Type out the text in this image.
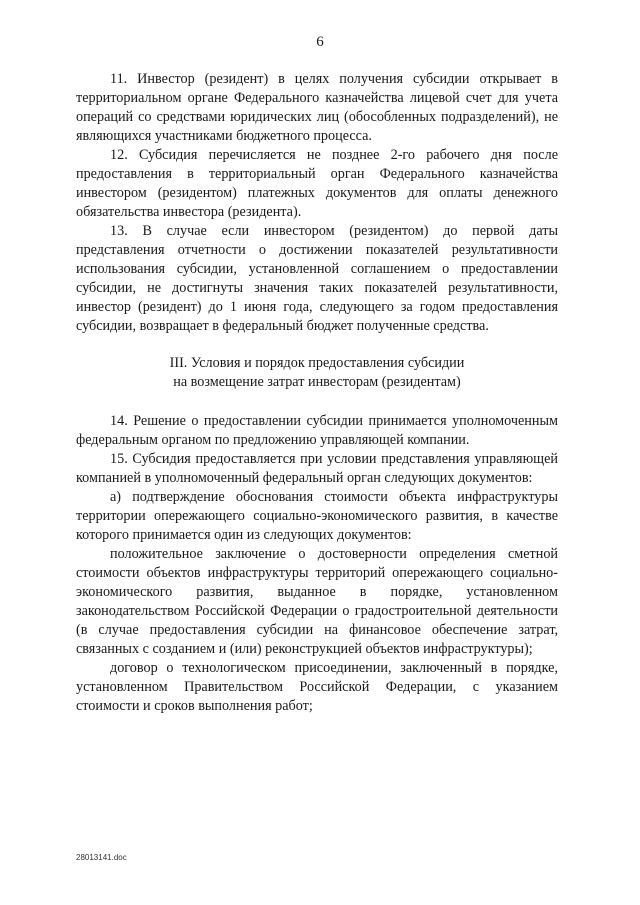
6

11. Инвестор (резидент) в целях получения субсидии открывает в территориальном органе Федерального казначейства лицевой счет для учета операций со средствами юридических лиц (обособленных подразделений), не являющихся участниками бюджетного процесса.

12. Субсидия перечисляется не позднее 2-го рабочего дня после предоставления в территориальный орган Федерального казначейства инвестором (резидентом) платежных документов для оплаты денежного обязательства инвестора (резидента).

13. В случае если инвестором (резидентом) до первой даты представления отчетности о достижении показателей результативности использования субсидии, установленной соглашением о предоставлении субсидии, не достигнуты значения таких показателей результативности, инвестор (резидент) до 1 июня года, следующего за годом предоставления субсидии, возвращает в федеральный бюджет полученные средства.

III. Условия и порядок предоставления субсидии
на возмещение затрат инвесторам (резидентам)

14. Решение о предоставлении субсидии принимается уполномоченным федеральным органом по предложению управляющей компании.

15. Субсидия предоставляется при условии представления управляющей компанией в уполномоченный федеральный орган следующих документов:

а) подтверждение обоснования стоимости объекта инфраструктуры территории опережающего социально-экономического развития, в качестве которого принимается один из следующих документов:

положительное заключение о достоверности определения сметной стоимости объектов инфраструктуры территорий опережающего социально-экономического развития, выданное в порядке, установленном законодательством Российской Федерации о градостроительной деятельности (в случае предоставления субсидии на финансовое обеспечение затрат, связанных с созданием и (или) реконструкцией объектов инфраструктуры);

договор о технологическом присоединении, заключенный в порядке, установленном Правительством Российской Федерации, с указанием стоимости и сроков выполнения работ;

28013141.doc
